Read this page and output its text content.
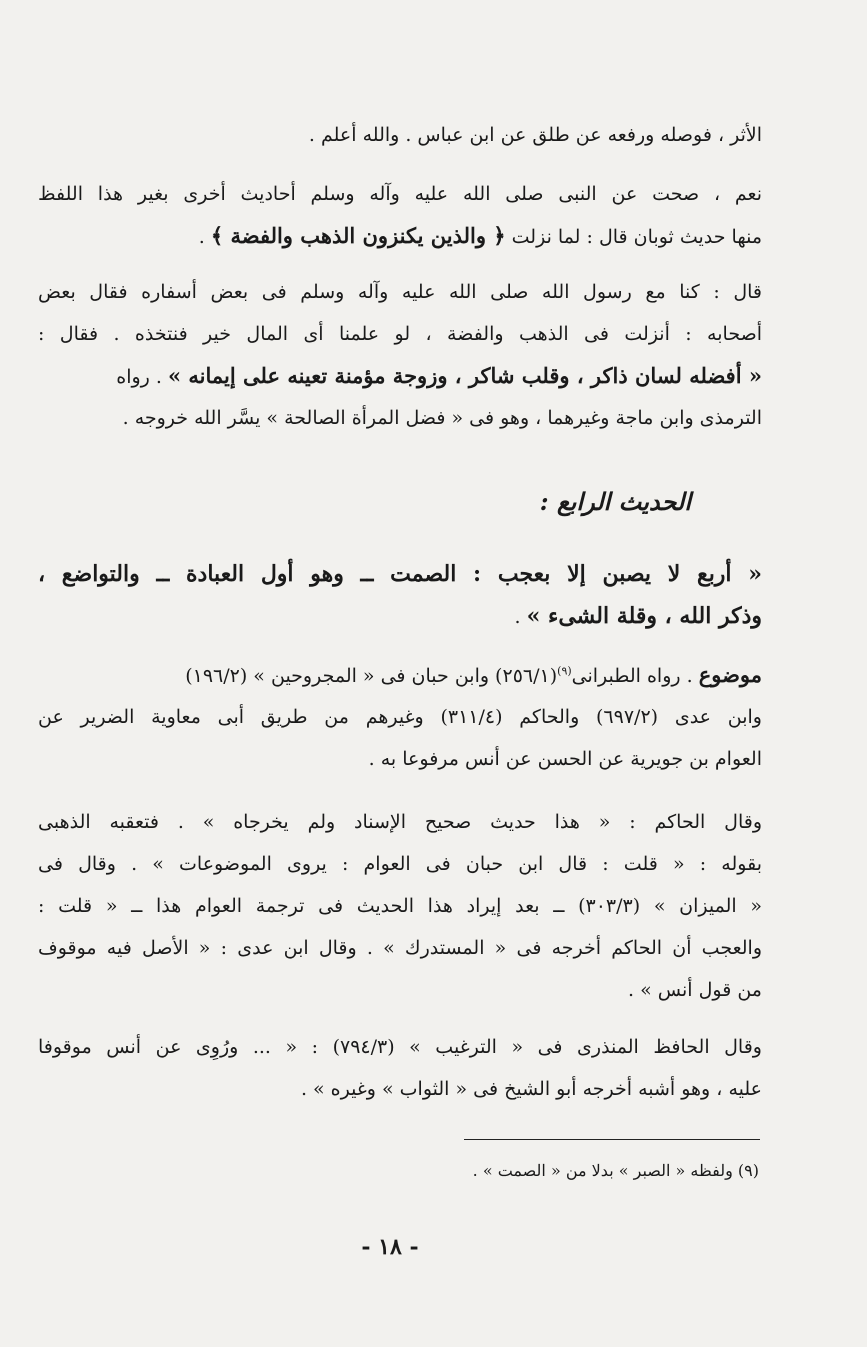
الأثر ، فوصله ورفعه عن طلق عن ابن عباس . والله أعلم .
نعم ، صحت عن النبى صلى الله عليه وآله وسلم أحاديث أخرى بغير هذا اللفظ
منها حديث ثوبان قال : لما نزلت ﴿ والذين يكنزون الذهب والفضة ﴾ .
قال : كنا مع رسول الله صلى الله عليه وآله وسلم فى بعض أسفاره فقال بعض
أصحابه : أنزلت فى الذهب والفضة ، لو علمنا أى المال خير فنتخذه . فقال :
« أفضله لسان ذاكر ، وقلب شاكر ، وزوجة مؤمنة تعينه على إيمانه » . رواه
الترمذى وابن ماجة وغيرهما ، وهو فى « فضل المرأة الصالحة » يسَّر الله خروجه .
الحديث الرابع :
« أربع لا يصبن إلا بعجب : الصمت ــ وهو أول العبادة ــ والتواضع ،
وذكر الله ، وقلة الشىء » .
موضوع . رواه الطبرانى$^{(٩)}$(٢٥٦/١) وابن حبان فى « المجروحين » (١٩٦/٢)
وابن عدى (٦٩٧/٢) والحاكم (٣١١/٤) وغيرهم من طريق أبى معاوية الضرير عن
العوام بن جويرية عن الحسن عن أنس مرفوعا به .
وقال الحاكم : « هذا حديث صحيح الإسناد ولم يخرجاه » . فتعقبه الذهبى
بقوله : « قلت : قال ابن حبان فى العوام : يروى الموضوعات » . وقال فى
« الميزان » (٣٠٣/٣) ــ بعد إيراد هذا الحديث فى ترجمة العوام هذا ــ « قلت :
والعجب أن الحاكم أخرجه فى « المستدرك » . وقال ابن عدى : « الأصل فيه موقوف
من قول أنس » .
وقال الحافظ المنذرى فى « الترغيب » (٧٩٤/٣) : « ... ورُوِى عن أنس موقوفا
عليه ، وهو أشبه أخرجه أبو الشيخ فى « الثواب » وغيره » .
(٩) ولفظه « الصبر » بدلا من « الصمت » .
- ١٨ -
